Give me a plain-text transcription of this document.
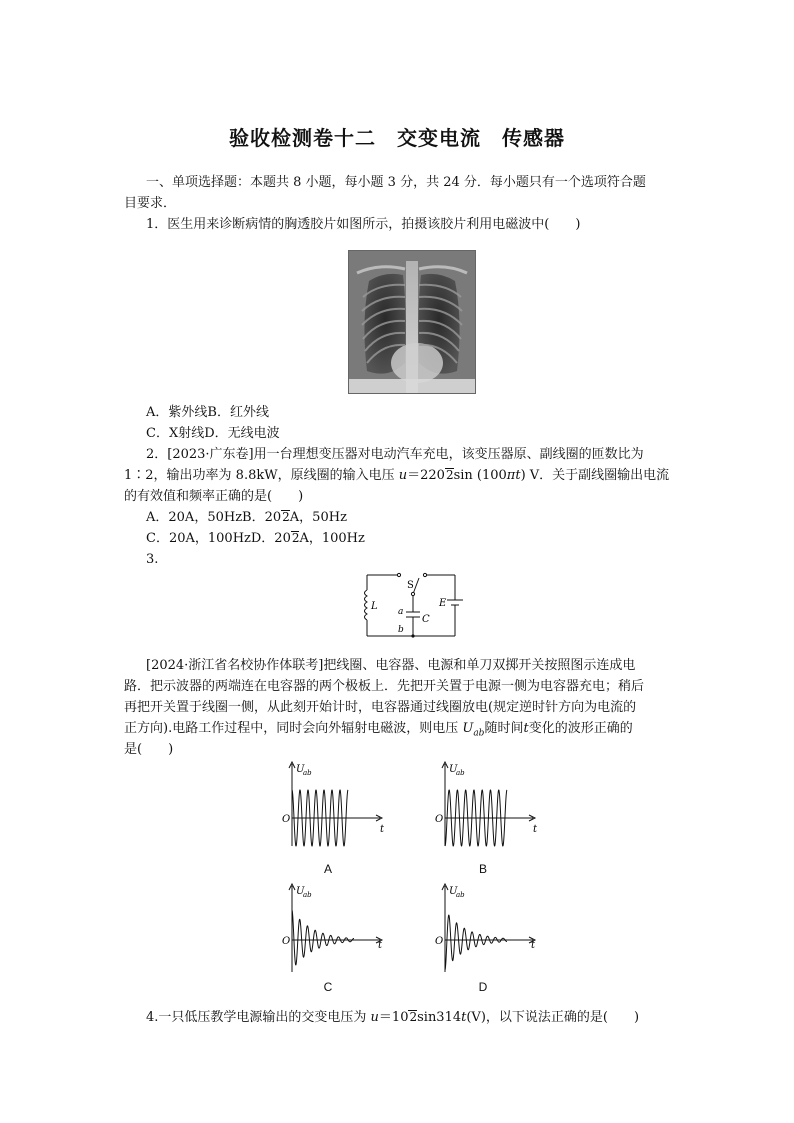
验收检测卷十二　交变电流　传感器
一、单项选择题：本题共 8 小题，每小题 3 分，共 24 分．每小题只有一个选项符合题
目要求．
1．医生用来诊断病情的胸透胶片如图所示，拍摄该胶片利用电磁波中(　　)
A．紫外线B．红外线
C．X射线D．无线电波
2．[2023·广东卷]用一台理想变压器对电动汽车充电，该变压器原、副线圈的匝数比为
1∶2，输出功率为 8.8kW，原线圈的输入电压 u＝2202sin (100πt) V．关于副线圈输出电流
的有效值和频率正确的是(　　)
A．20A，50HzB．202A，50Hz
C．20A，100HzD．202A，100Hz
3.
S
L a
C
b
E
[2024·浙江省名校协作体联考]把线圈、电容器、电源和单刀双掷开关按照图示连成电
路．把示波器的两端连在电容器的两个极板上．先把开关置于电源一侧为电容器充电；稍后
再把开关置于线圈一侧，从此刻开始计时，电容器通过线圈放电(规定逆时针方向为电流的
正方向).电路工作过程中，同时会向外辐射电磁波，则电压 $U_{ab}$随时间t变化的波形正确的
是(　　)
U
ab
O
t
A
U
ab
O
t
B
U
ab
O	t
C
U
ab
O	t
D
4.一只低压教学电源输出的交变电压为 u＝102sin314t(V)，以下说法正确的是(　　)
